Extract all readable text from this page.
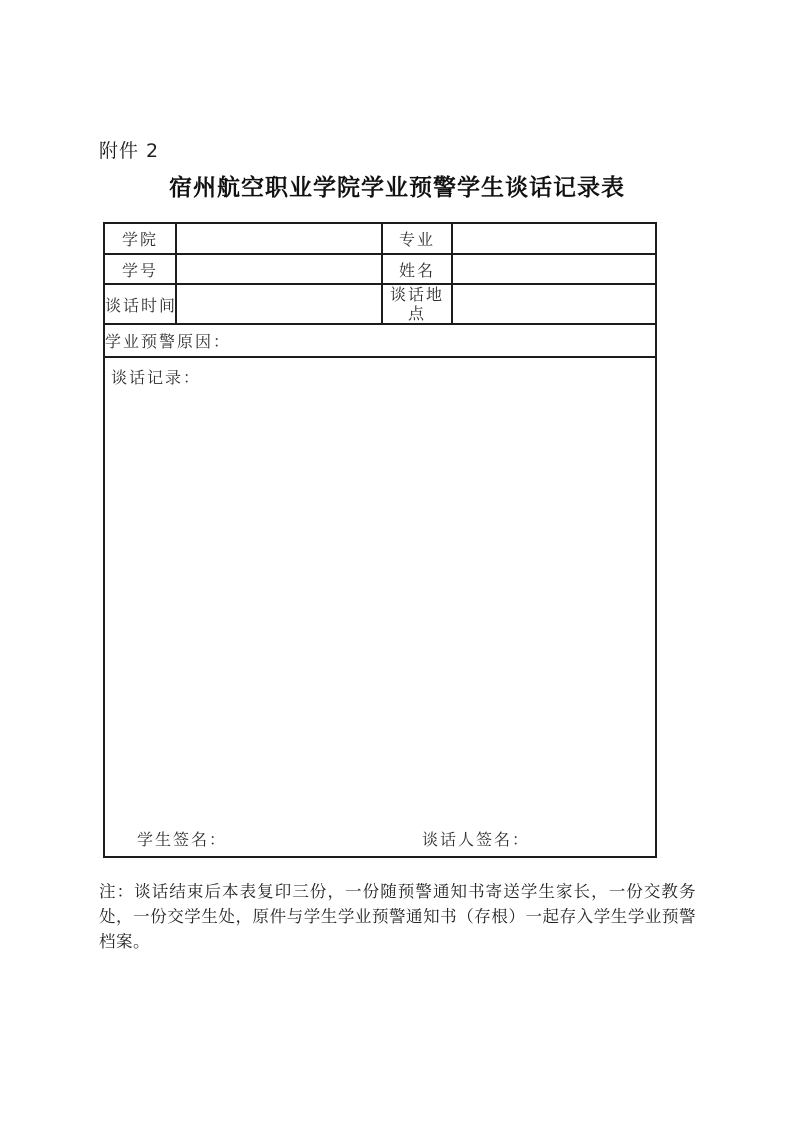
附件 2
宿州航空职业学院学业预警学生谈话记录表
学院		专业	
学号		姓名	
谈话时间		谈话地点	
学业预警原因：			
谈话记录：
学生签名： 谈话人签名：			
注：谈话结束后本表复印三份，一份随预警通知书寄送学生家长，一份交教务处，一份交学生处，原件与学生学业预警通知书（存根）一起存入学生学业预警档案。
